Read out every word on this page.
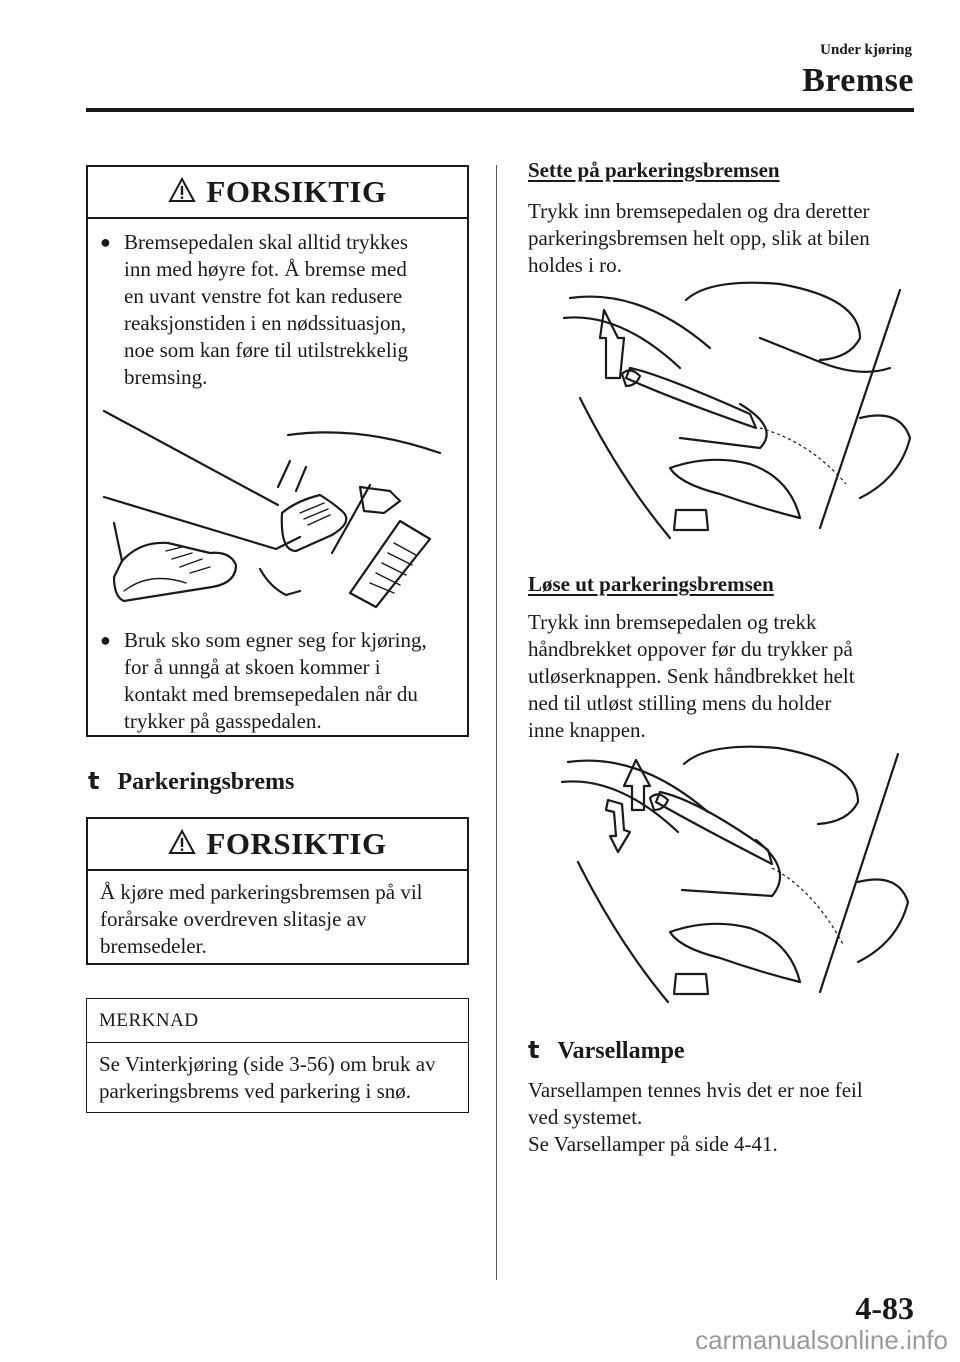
Under kjøring
Bremse
FORSIKTIG
● Bremsepedalen skal alltid trykkes
inn med høyre fot. Å bremse med
en uvant venstre fot kan redusere
reaksjonstiden i en nødssituasjon,
noe som kan føre til utilstrekkelig
bremsing.
● Bruk sko som egner seg for kjøring,
for å unngå at skoen kommer i
kontakt med bremsepedalen når du
trykker på gasspedalen.
t Parkeringsbrems
FORSIKTIG
Å kjøre med parkeringsbremsen på vil
forårsake overdreven slitasje av
bremsedeler.
MERKNAD
Se Vinterkjøring (side 3-56) om bruk av
parkeringsbrems ved parkering i snø.
Sette på parkeringsbremsen
Trykk inn bremsepedalen og dra deretter
parkeringsbremsen helt opp, slik at bilen
holdes i ro.
Løse ut parkeringsbremsen
Trykk inn bremsepedalen og trekk
håndbrekket oppover før du trykker på
utløserknappen. Senk håndbrekket helt
ned til utløst stilling mens du holder
inne knappen.
t Varsellampe
Varsellampen tennes hvis det er noe feil
ved systemet.
Se Varsellamper på side 4-41.
4-83
carmanualsonline.info
